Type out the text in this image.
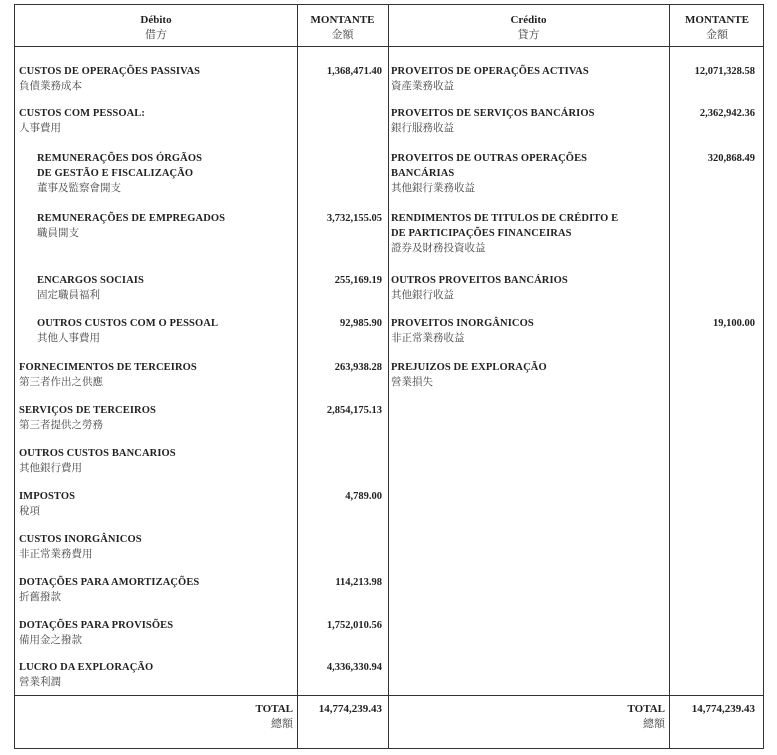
Débito
借方
MONTANTE
金額
Crédito
貸方
MONTANTE
金額
CUSTOS DE OPERAÇÕES PASSIVAS
負債業務成本
1,368,471.40
CUSTOS COM PESSOAL:
人事費用
REMUNERAÇÕES DOS ÓRGÃOS
DE GESTÃO E FISCALIZAÇÃO
董事及監察會開支
REMUNERAÇÕES DE EMPREGADOS
職員開支
3,732,155.05
ENCARGOS SOCIAIS
固定職員福利
255,169.19
OUTROS CUSTOS COM O PESSOAL
其他人事費用
92,985.90
FORNECIMENTOS DE TERCEIROS
第三者作出之供應
263,938.28
SERVIÇOS DE TERCEIROS
第三者提供之勞務
2,854,175.13
OUTROS CUSTOS BANCARIOS
其他銀行費用
IMPOSTOS
稅項
4,789.00
CUSTOS INORGÂNICOS
非正常業務費用
DOTAÇÕES PARA AMORTIZAÇÕES
折舊撥款
114,213.98
DOTAÇÕES PARA PROVISÕES
備用金之撥款
1,752,010.56
LUCRO DA EXPLORAÇÃO
營業利潤
4,336,330.94
PROVEITOS DE OPERAÇÕES ACTIVAS
資產業務收益
12,071,328.58
PROVEITOS DE SERVIÇOS BANCÁRIOS
銀行服務收益
2,362,942.36
PROVEITOS DE OUTRAS OPERAÇÕES
BANCÁRIAS
其他銀行業務收益
320,868.49
RENDIMENTOS DE TITULOS DE CRÉDITO E
DE PARTICIPAÇÕES FINANCEIRAS
證券及財務投資收益
OUTROS PROVEITOS BANCÁRIOS
其他銀行收益
PROVEITOS INORGÂNICOS
非正常業務收益
19,100.00
PREJUIZOS DE EXPLORAÇÃO
營業損失
TOTAL
總額
14,774,239.43	TOTAL
總額
14,774,239.43
